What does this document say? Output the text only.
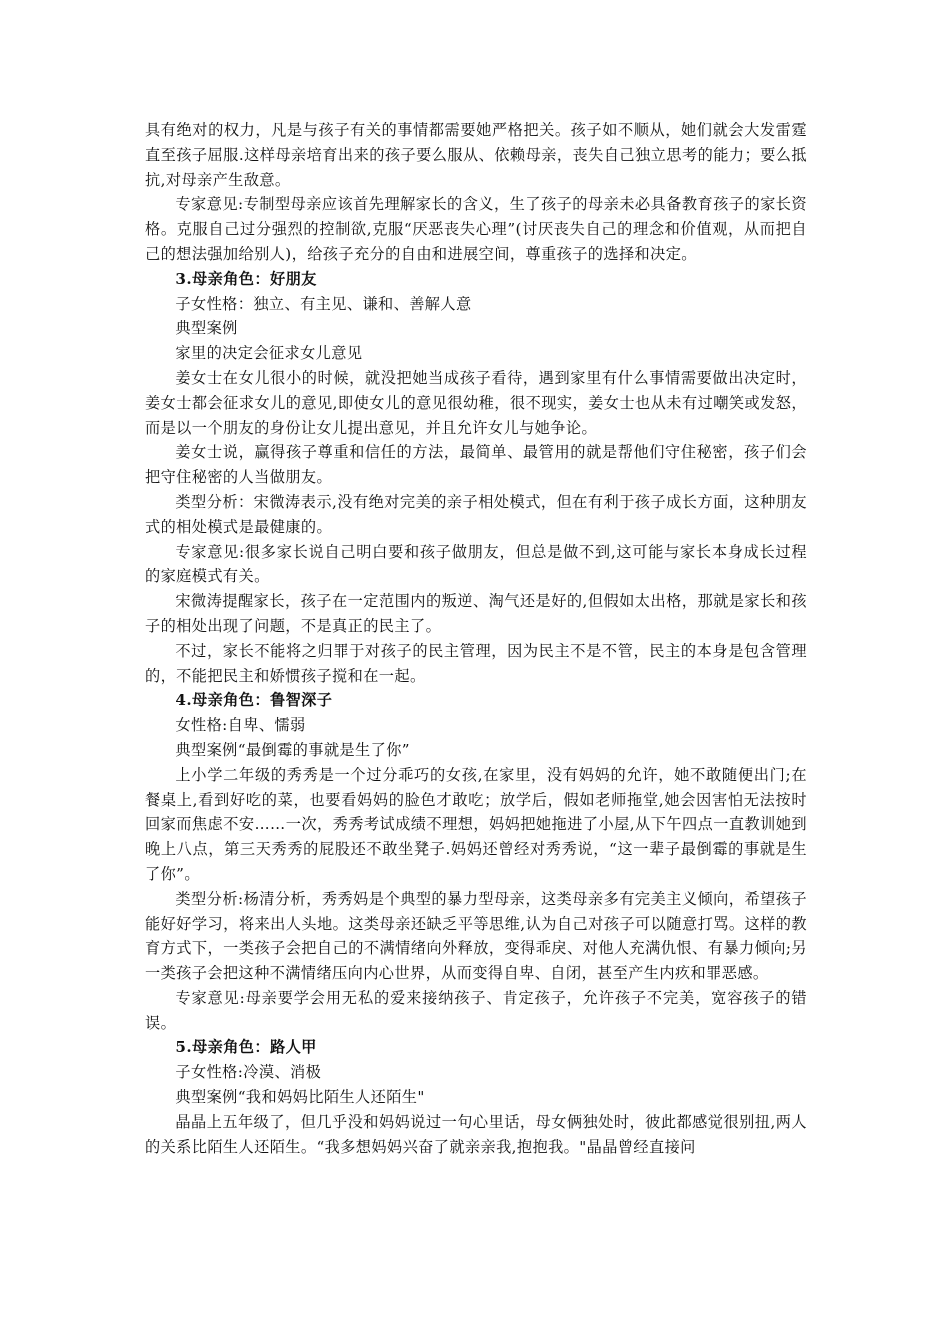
具有绝对的权力，凡是与孩子有关的事情都需要她严格把关。孩子如不顺从，她们就会大发雷霆直至孩子屈服.这样母亲培育出来的孩子要么服从、依赖母亲，丧失自己独立思考的能力；要么抵抗,对母亲产生敌意。

专家意见:专制型母亲应该首先理解家长的含义，生了孩子的母亲未必具备教育孩子的家长资格。克服自己过分强烈的控制欲,克服“厌恶丧失心理”(讨厌丧失自己的理念和价值观，从而把自己的想法强加给别人)，给孩子充分的自由和进展空间，尊重孩子的选择和决定。

3.母亲角色：好朋友

子女性格：独立、有主见、谦和、善解人意

典型案例

家里的决定会征求女儿意见

姜女士在女儿很小的时候，就没把她当成孩子看待，遇到家里有什么事情需要做出决定时，姜女士都会征求女儿的意见,即使女儿的意见很幼稚，很不现实，姜女士也从未有过嘲笑或发怒，而是以一个朋友的身份让女儿提出意见，并且允许女儿与她争论。

姜女士说，赢得孩子尊重和信任的方法，最简单、最管用的就是帮他们守住秘密，孩子们会把守住秘密的人当做朋友。

类型分析：宋微涛表示,没有绝对完美的亲子相处模式，但在有利于孩子成长方面，这种朋友式的相处模式是最健康的。

专家意见:很多家长说自己明白要和孩子做朋友，但总是做不到,这可能与家长本身成长过程的家庭模式有关。

宋微涛提醒家长，孩子在一定范围内的叛逆、淘气还是好的,但假如太出格，那就是家长和孩子的相处出现了问题，不是真正的民主了。

不过，家长不能将之归罪于对孩子的民主管理，因为民主不是不管，民主的本身是包含管理的，不能把民主和娇惯孩子搅和在一起。

4.母亲角色：鲁智深子

女性格:自卑、懦弱

典型案例“最倒霉的事就是生了你”

上小学二年级的秀秀是一个过分乖巧的女孩,在家里，没有妈妈的允许，她不敢随便出门;在餐桌上,看到好吃的菜，也要看妈妈的脸色才敢吃；放学后，假如老师拖堂,她会因害怕无法按时回家而焦虑不安……一次，秀秀考试成绩不理想，妈妈把她拖进了小屋,从下午四点一直教训她到晚上八点，第三天秀秀的屁股还不敢坐凳子.妈妈还曾经对秀秀说，“这一辈子最倒霉的事就是生了你”。

类型分析:杨清分析，秀秀妈是个典型的暴力型母亲，这类母亲多有完美主义倾向，希望孩子能好好学习，将来出人头地。这类母亲还缺乏平等思维,认为自己对孩子可以随意打骂。这样的教育方式下，一类孩子会把自己的不满情绪向外释放，变得乖戾、对他人充满仇恨、有暴力倾向;另一类孩子会把这种不满情绪压向内心世界，从而变得自卑、自闭，甚至产生内疚和罪恶感。

专家意见:母亲要学会用无私的爱来接纳孩子、肯定孩子，允许孩子不完美，宽容孩子的错误。

5.母亲角色：路人甲

子女性格:冷漠、消极

典型案例“我和妈妈比陌生人还陌生"

晶晶上五年级了，但几乎没和妈妈说过一句心里话，母女俩独处时，彼此都感觉很别扭,两人的关系比陌生人还陌生。“我多想妈妈兴奋了就亲亲我,抱抱我。"晶晶曾经直接问
